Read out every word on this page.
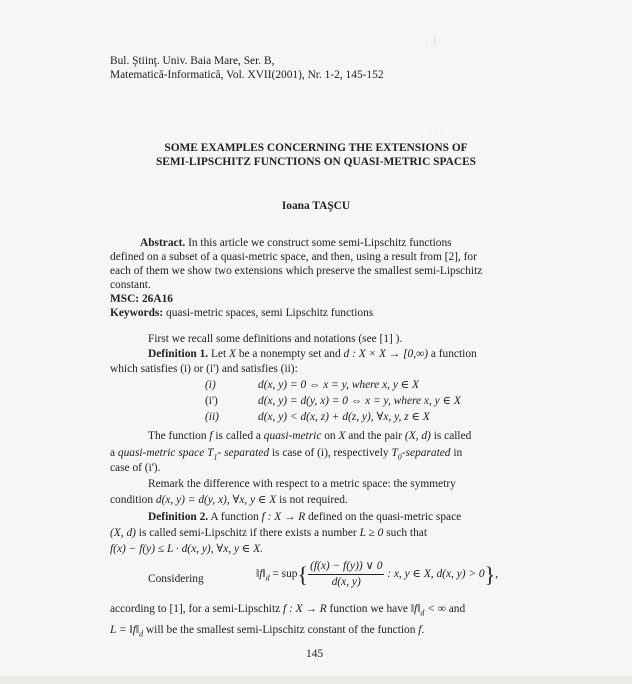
ʅ: . .
· · ·
Bul. Ştiinţ. Univ. Baia Mare, Ser. B,
Matematică-Informatică, Vol. XVII(2001), Nr. 1-2, 145-152
SOME EXAMPLES CONCERNING THE EXTENSIONS OF
SEMI-LIPSCHITZ FUNCTIONS ON QUASI-METRIC SPACES
Ioana TAŞCU
Abstract. In this article we construct some semi-Lipschitz functions
defined on a subset of a quasi-metric space, and then, using a result from [2], for
each of them we show two extensions which preserve the smallest semi-Lipschitz
constant.
MSC: 26A16
Keywords: quasi-metric spaces, semi Lipschitz functions
First we recall some definitions and notations (see [1] ).
Definition 1. Let X be a nonempty set and d : X × X → [0,∞) a function
which satisfies (i) or (i') and satisfies (ii):
(i)	d(x, y) = 0 ⇔ x = y, where x, y ∈ X
(i')	d(x, y) = d(y, x) = 0 ⇔ x = y, where x, y ∈ X
(ii)	d(x, y) < d(x, z) + d(z, y), ∀x, y, z ∈ X
The function f is called a quasi-metric on X and the pair (X, d) is called
a quasi-metric space $T_1-$ separated is case of (i), respectively $T_0$-separated in
case of (i').
Remark the difference with respect to a metric space: the symmetry
condition d(x, y) = d(y, x), ∀x, y ∈ X is not required.
Definition 2. A function f : X → R defined on the quasi-metric space
(X, d) is called semi-Lipschitz if there exists a number L ≥ 0 such that
f(x) − f(y) ≤ L · d(x, y), ∀x, y ∈ X.
Considering	$‖f‖_d = sup\{ \frac{(f(x) - f(y)) \vee 0}{d(x, y)}$ : x, y ∈ X, d(x, y) > 0},
according to [1], for a semi-Lipschitz f : X → R function we have $‖f‖_d$ < ∞ and
$L = ‖f‖_d$ will be the smallest semi-Lipschitz constant of the function f.
145
